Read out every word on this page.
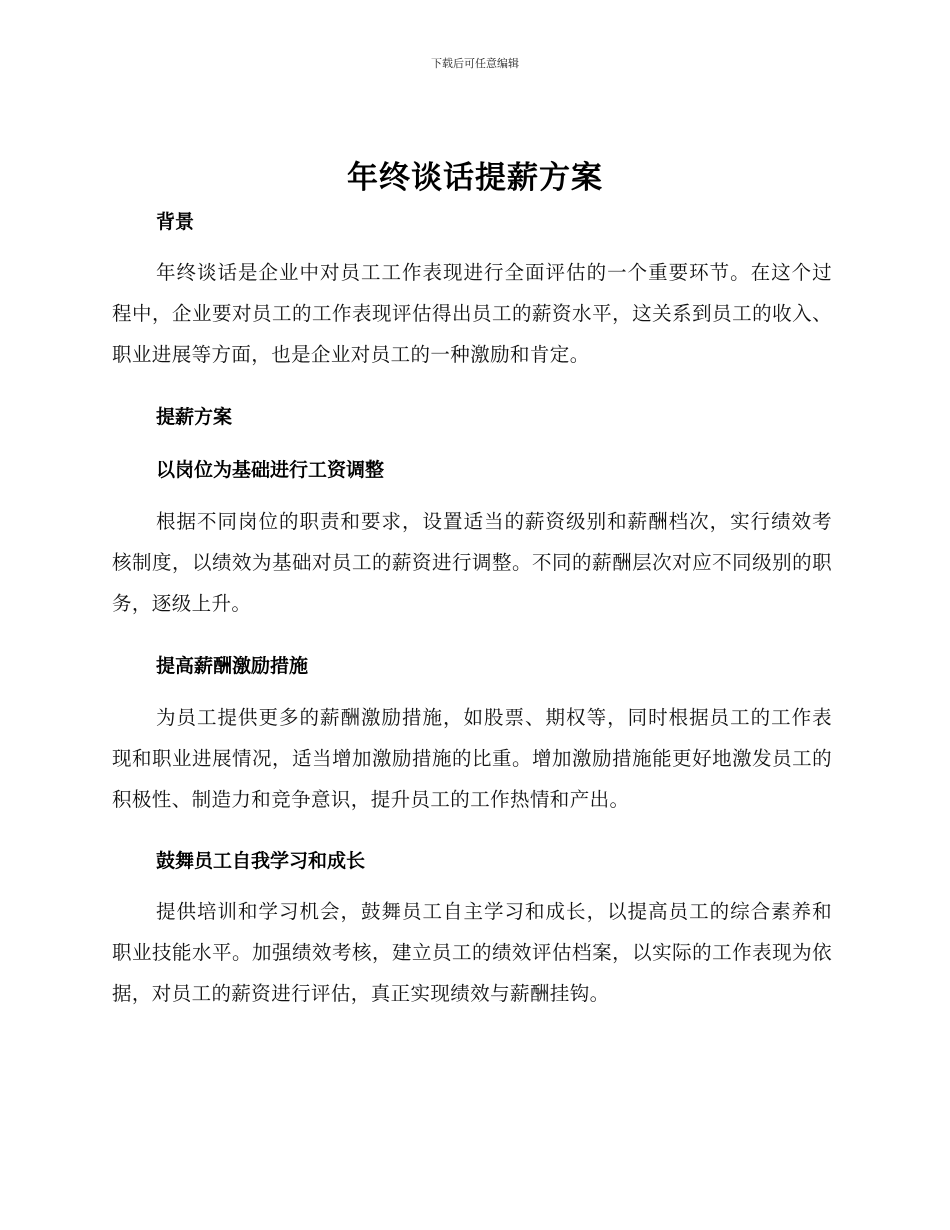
下载后可任意编辑
年终谈话提薪方案
背景

年终谈话是企业中对员工工作表现进行全面评估的一个重要环节。在这个过程中，企业要对员工的工作表现评估得出员工的薪资水平，这关系到员工的收入、职业进展等方面，也是企业对员工的一种激励和肯定。

提薪方案
以岗位为基础进行工资调整

根据不同岗位的职责和要求，设置适当的薪资级别和薪酬档次，实行绩效考核制度，以绩效为基础对员工的薪资进行调整。不同的薪酬层次对应不同级别的职务，逐级上升。

提高薪酬激励措施

为员工提供更多的薪酬激励措施，如股票、期权等，同时根据员工的工作表现和职业进展情况，适当增加激励措施的比重。增加激励措施能更好地激发员工的积极性、制造力和竞争意识，提升员工的工作热情和产出。

鼓舞员工自我学习和成长

提供培训和学习机会，鼓舞员工自主学习和成长，以提高员工的综合素养和职业技能水平。加强绩效考核，建立员工的绩效评估档案，以实际的工作表现为依据，对员工的薪资进行评估，真正实现绩效与薪酬挂钩。
